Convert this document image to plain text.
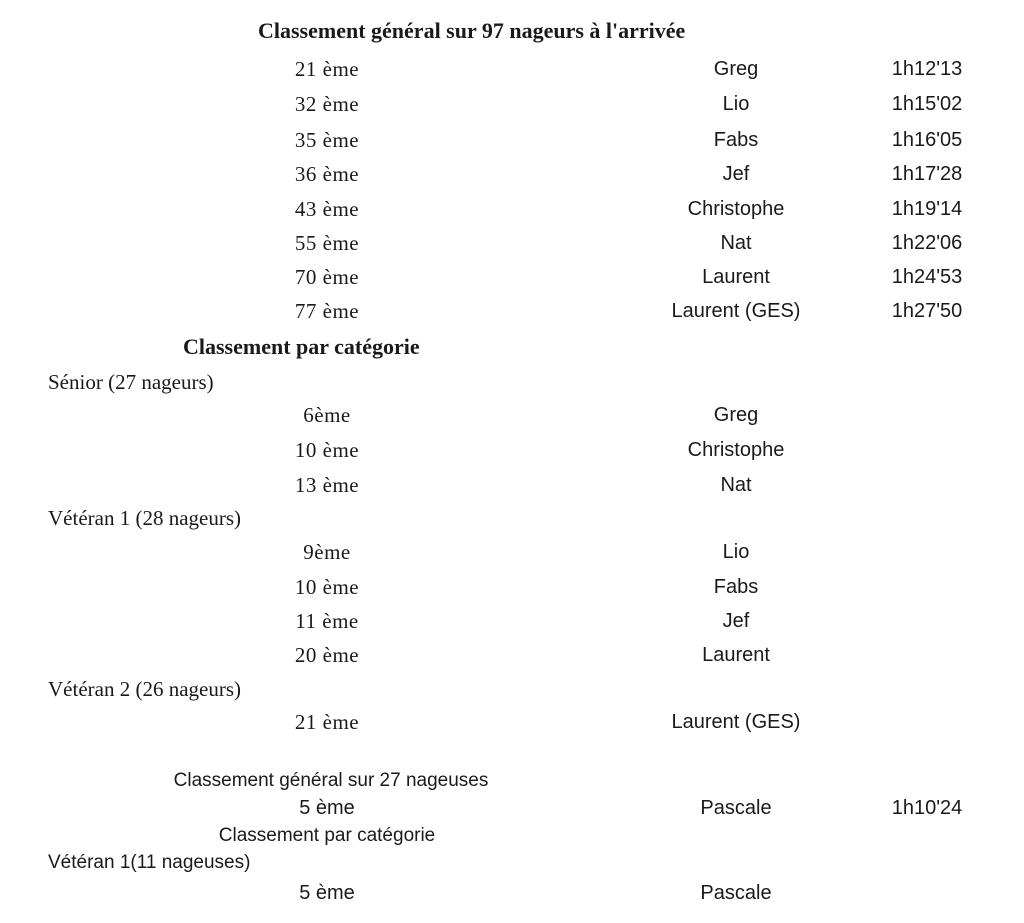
Classement général sur 97 nageurs à l'arrivée
21 ème	Greg	1h12'13
32 ème	Lio	1h15'02
35 ème	Fabs	1h16'05
36 ème	Jef	1h17'28
43 ème	Christophe	1h19'14
55 ème	Nat	1h22'06
70 ème	Laurent	1h24'53
77 ème	Laurent (GES)	1h27'50
Classement par catégorie
Sénior (27 nageurs)
6ème	Greg
10 ème	Christophe
13 ème	Nat
Vétéran 1 (28 nageurs)
9ème	Lio
10 ème	Fabs
11 ème	Jef
20 ème	Laurent
Vétéran 2 (26 nageurs)
21 ème	Laurent (GES)
Classement général sur 27 nageuses
5 ème	Pascale	1h10'24
Classement par catégorie
Vétéran 1(11 nageuses)
5 ème	Pascale
